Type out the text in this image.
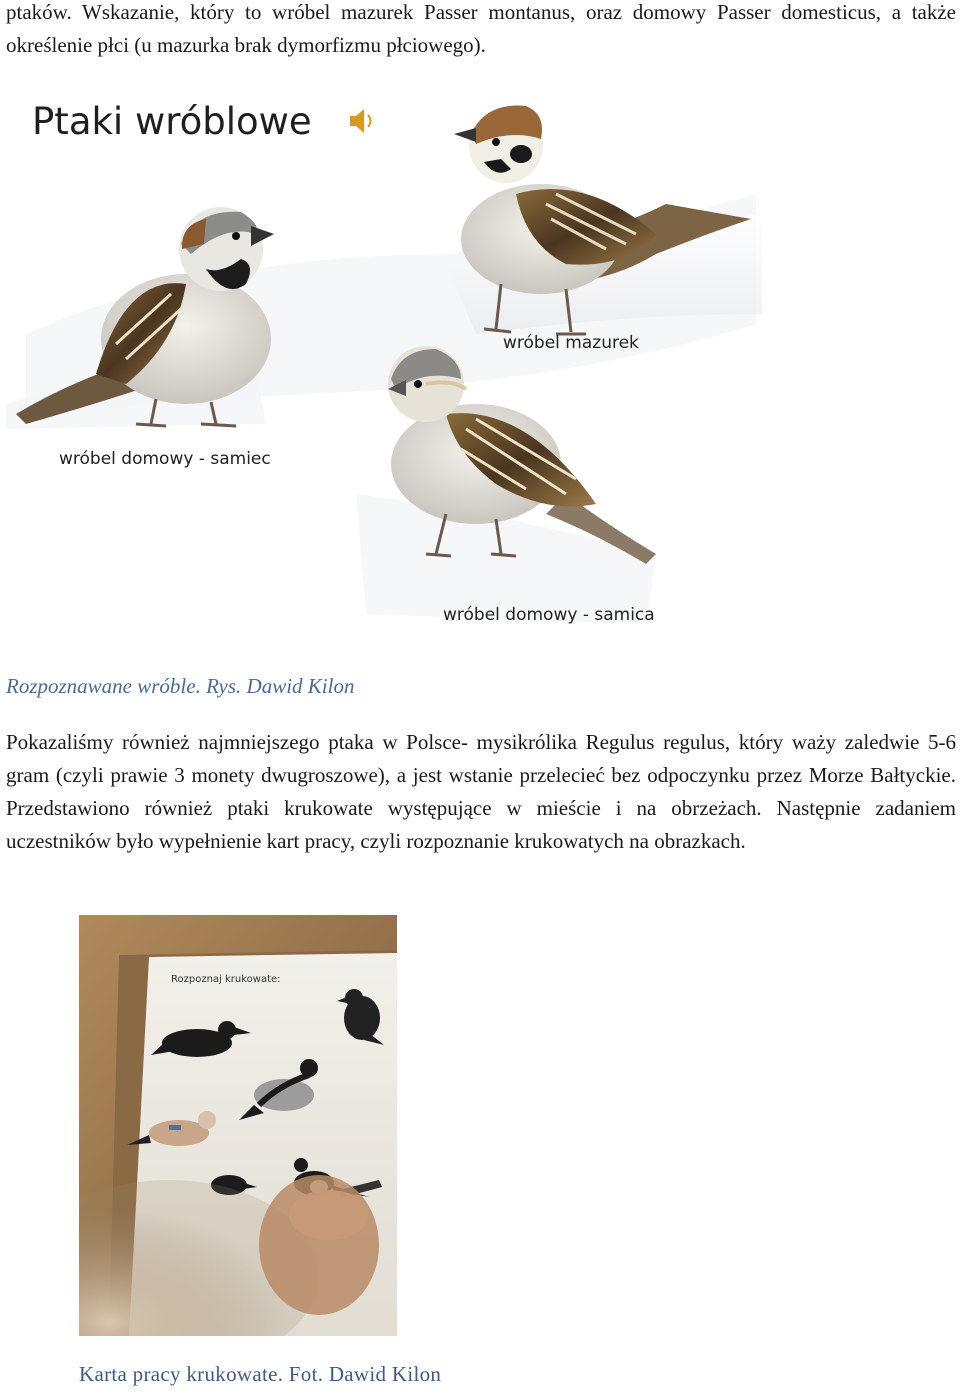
ptaków. Wskazanie, który to wróbel mazurek Passer montanus, oraz domowy Passer domesticus, a także określenie płci (u mazurka brak dymorfizmu płciowego).

Ptaki wróblowe
wróbel mazurek
wróbel domowy - samiec
wróbel domowy - samica
Rozpoznawane wróble. Rys. Dawid Kilon

Pokazaliśmy również najmniejszego ptaka w Polsce- mysikrólika Regulus regulus, który waży zaledwie 5-6 gram (czyli prawie 3 monety dwugroszowe), a jest wstanie przelecieć bez odpoczynku przez Morze Bałtyckie. Przedstawiono również ptaki krukowate występujące w mieście i na obrzeżach. Następnie zadaniem uczestników było wypełnienie kart pracy, czyli rozpoznanie krukowatych na obrazkach.

Rozpoznaj krukowate:
Karta pracy krukowate. Fot. Dawid Kilon
